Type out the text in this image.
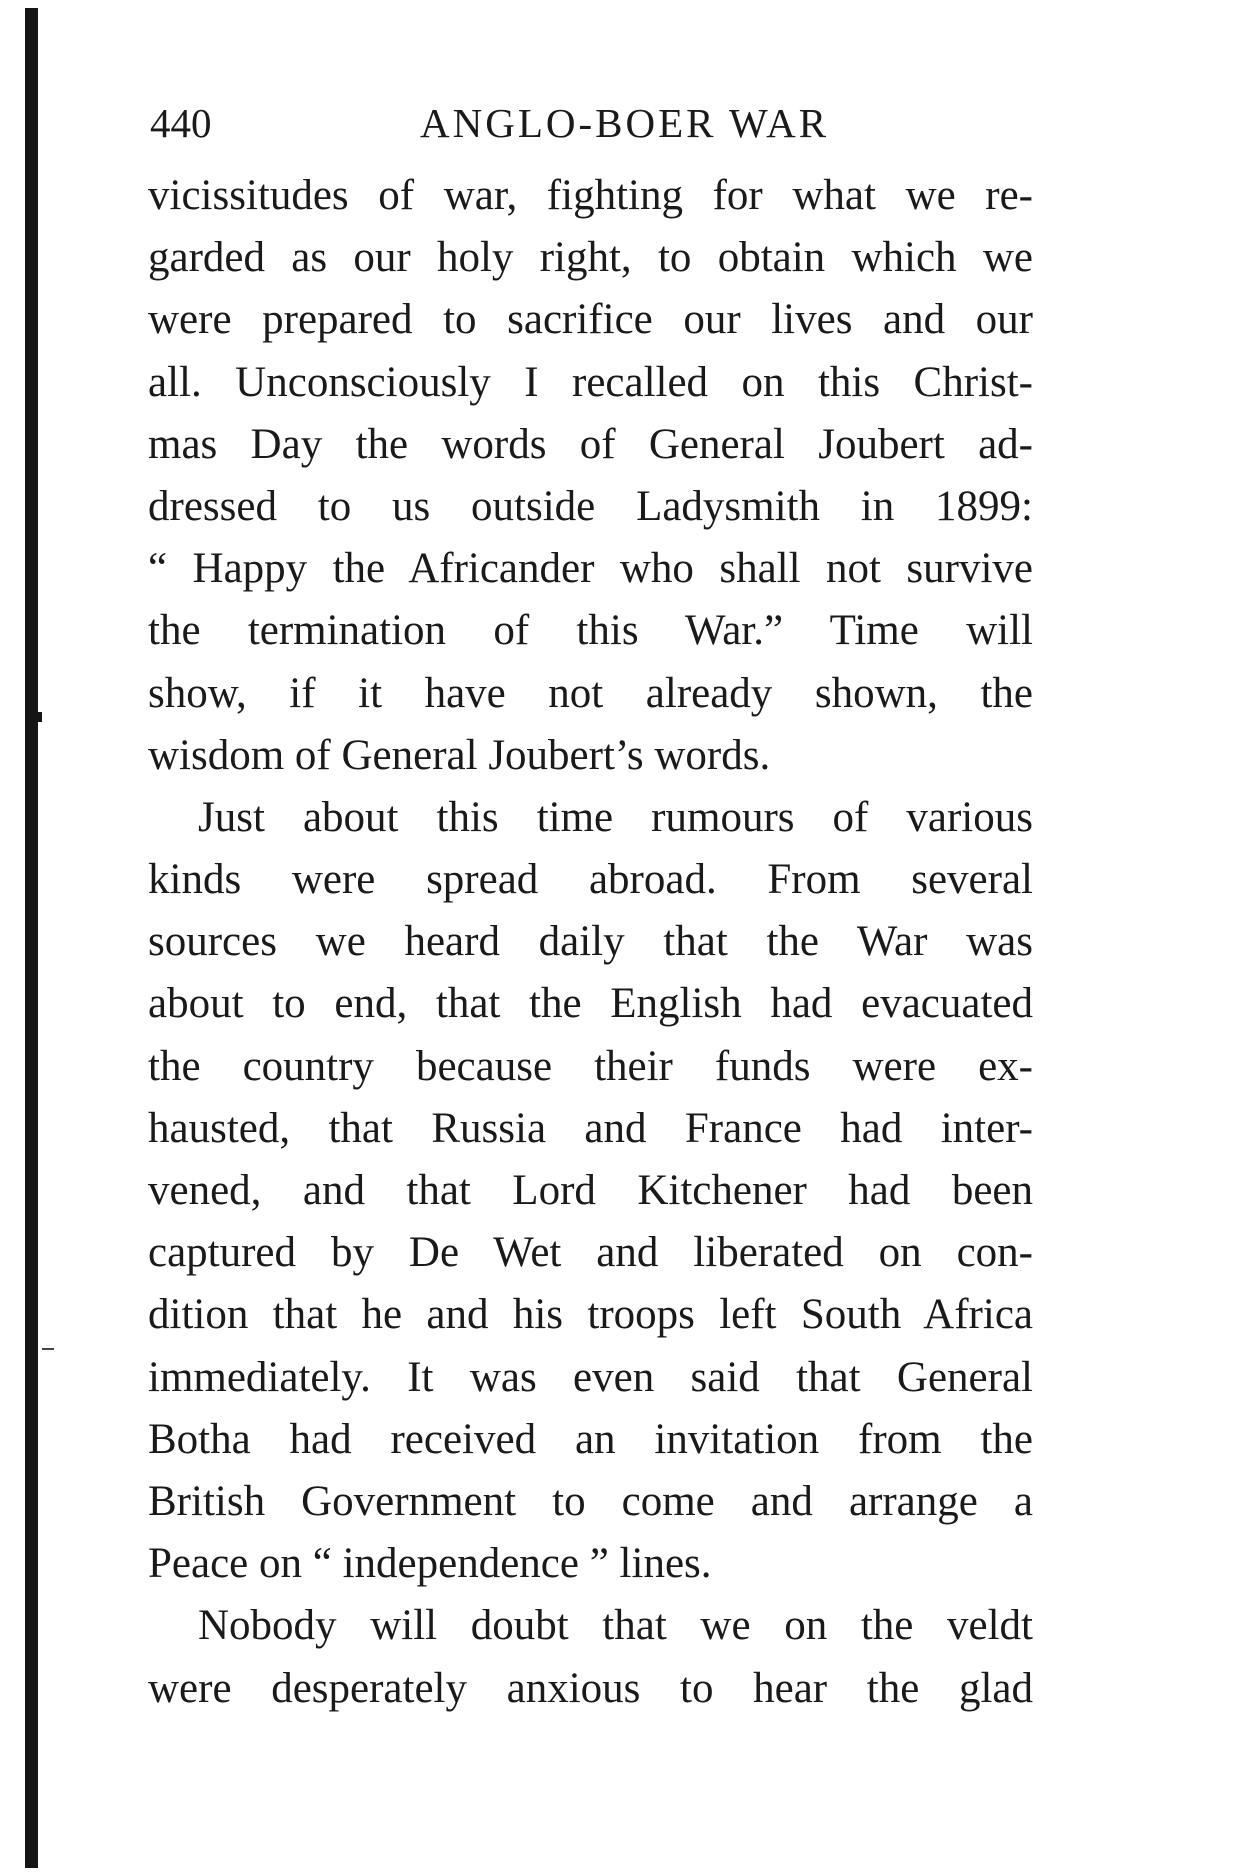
440	ANGLO-BOER WAR
vicissitudes of war, fighting for what we re-
garded as our holy right, to obtain which we
were prepared to sacrifice our lives and our
all. Unconsciously I recalled on this Christ-
mas Day the words of General Joubert ad-
dressed to us outside Ladysmith in 1899:
“ Happy the Africander who shall not survive
the termination of this War.” Time will
show, if it have not already shown, the
wisdom of General Joubert’s words.
Just about this time rumours of various
kinds were spread abroad. From several
sources we heard daily that the War was
about to end, that the English had evacuated
the country because their funds were ex-
hausted, that Russia and France had inter-
vened, and that Lord Kitchener had been
captured by De Wet and liberated on con-
dition that he and his troops left South Africa
immediately. It was even said that General
Botha had received an invitation from the
British Government to come and arrange a
Peace on “ independence ” lines.
Nobody will doubt that we on the veldt
were desperately anxious to hear the glad
